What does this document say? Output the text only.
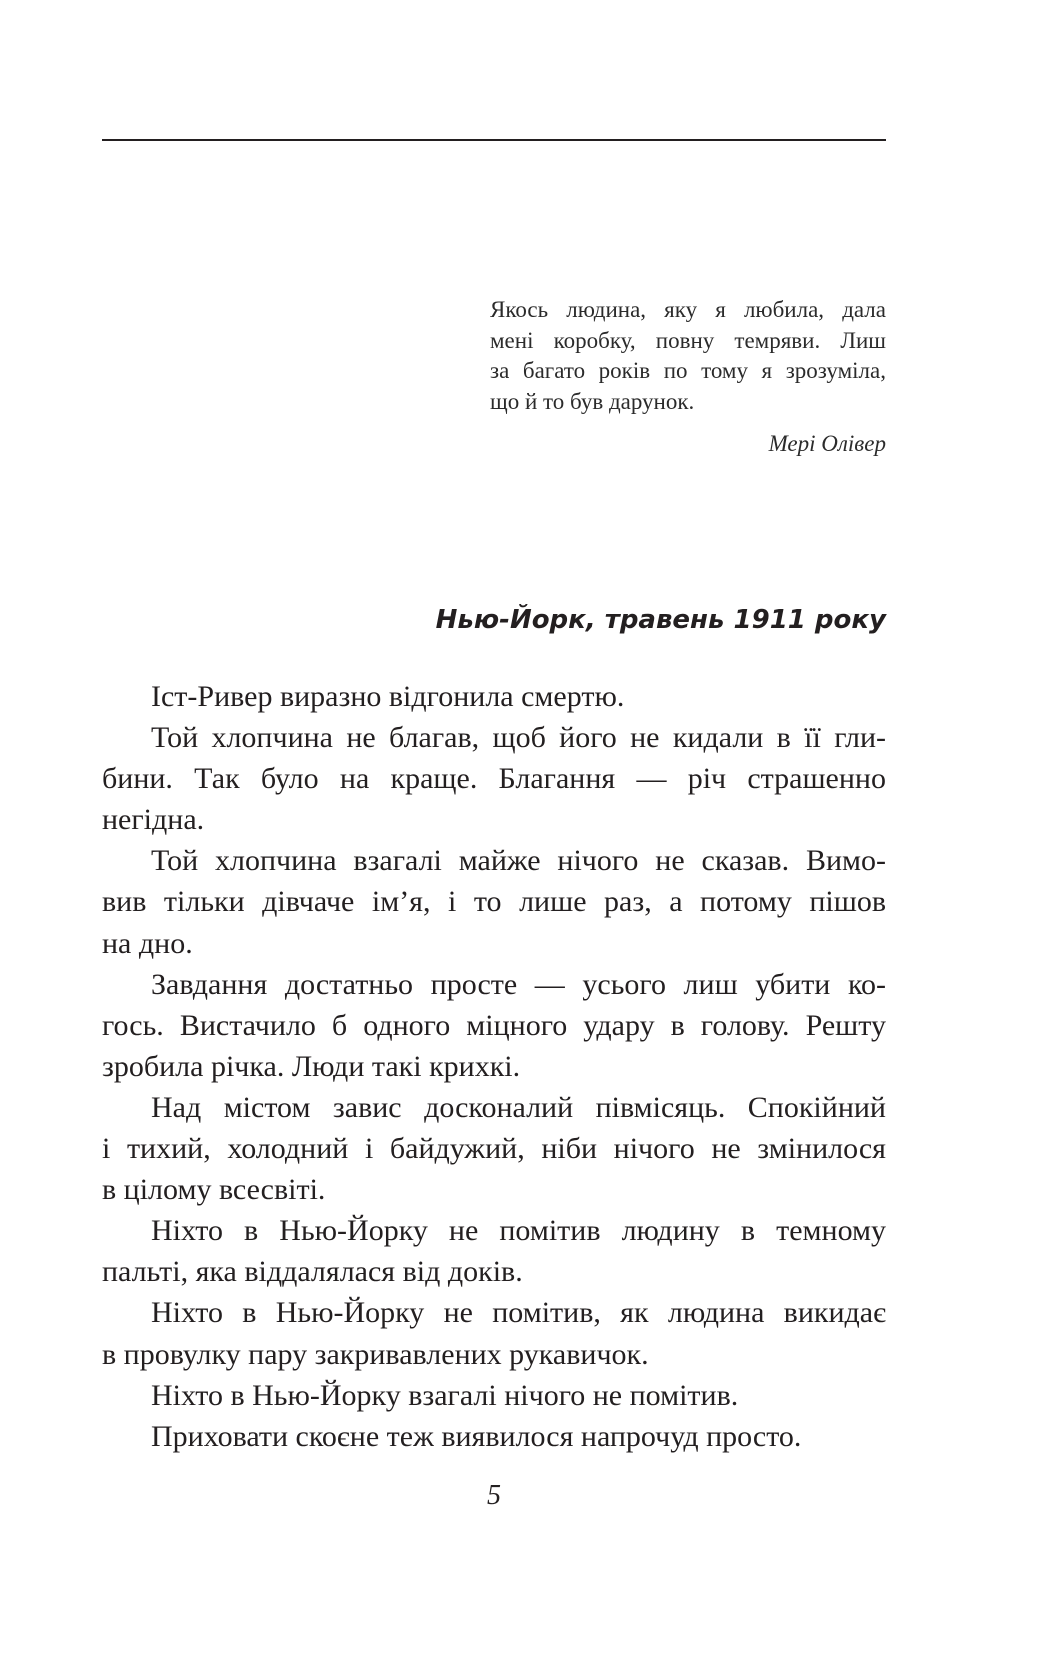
Якось людина, яку я любила, дала
мені коробку, повну темряви. Лиш
за багато років по тому я зрозуміла,
що й то був дарунок.
Мері Олівер
Нью-Йорк, травень 1911 року
Іст-Ривер виразно відгонила смертю.
Той хлопчина не благав, щоб його не кидали в її гли-
бини. Так було на краще. Благання — річ страшенно
негідна.
Той хлопчина взагалі майже нічого не сказав. Вимо-
вив тільки дівчаче ім’я, і то лише раз, а потому пішов
на дно.
Завдання достатньо просте — усього лиш убити ко-
гось. Вистачило б одного міцного удару в голову. Решту
зробила річка. Люди такі крихкі.
Над містом завис досконалий півмісяць. Спокійний
і тихий, холодний і байдужий, ніби нічого не змінилося
в цілому всесвіті.
Ніхто в Нью-Йорку не помітив людину в темному
пальті, яка віддалялася від доків.
Ніхто в Нью-Йорку не помітив, як людина викидає
в провулку пару закривавлених рукавичок.
Ніхто в Нью-Йорку взагалі нічого не помітив.
Приховати скоєне теж виявилося напрочуд просто.
5
